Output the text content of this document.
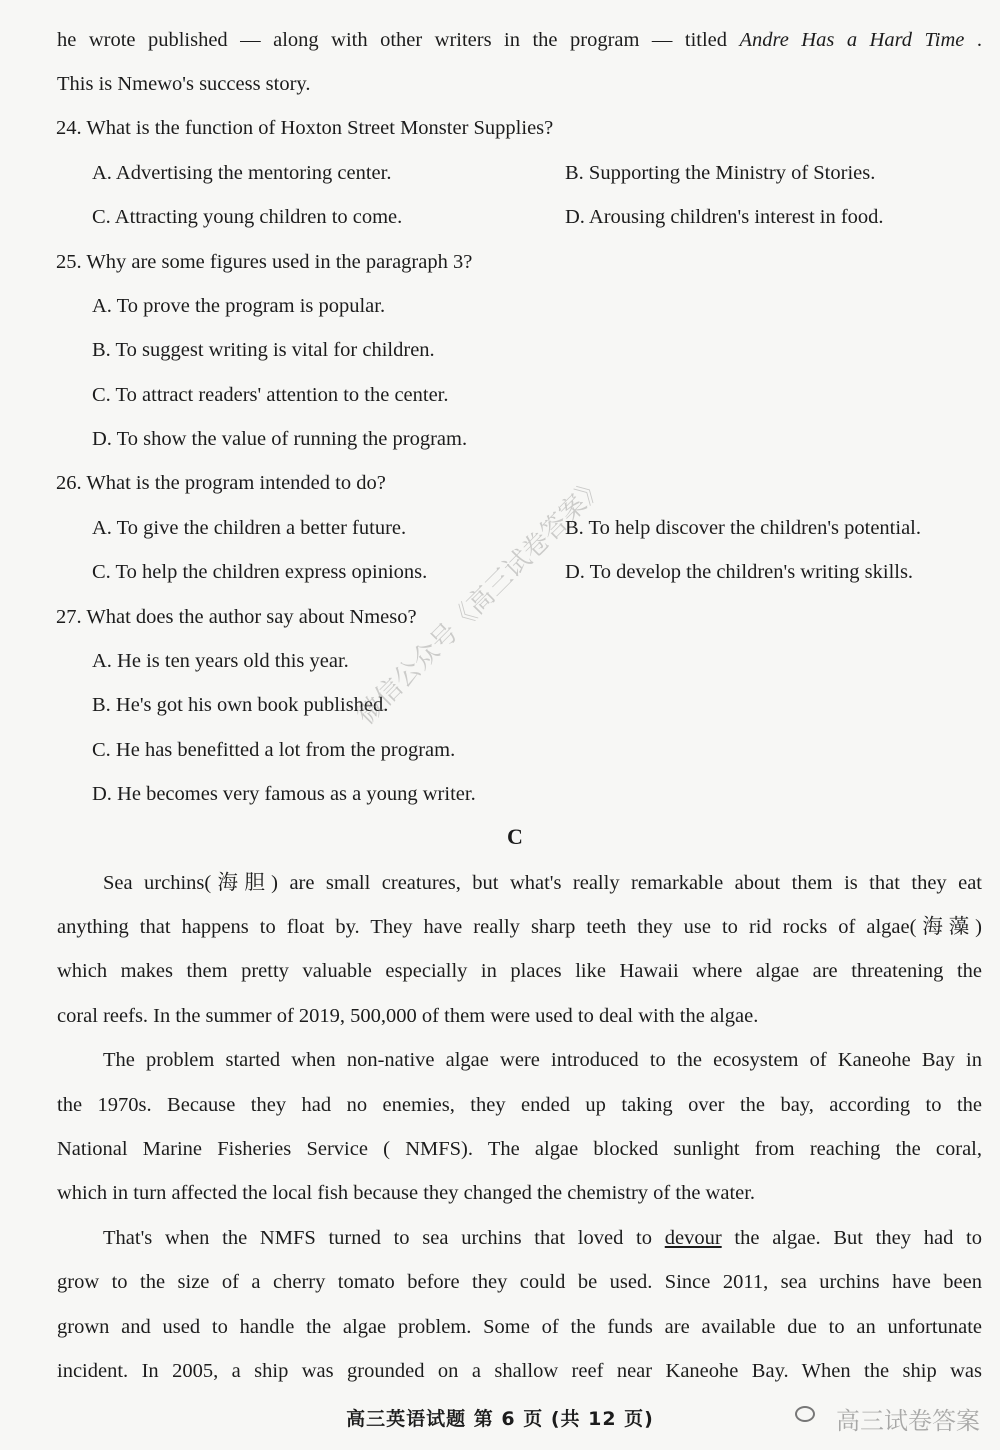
he wrote published — along with other writers in the program — titled Andre Has a Hard Time .
This is Nmewo's success story.
24. What is the function of Hoxton Street Monster Supplies?
A. Advertising the mentoring center.	B. Supporting the Ministry of Stories.
C. Attracting young children to come.	D. Arousing children's interest in food.
25. Why are some figures used in the paragraph 3?
A. To prove the program is popular.
B. To suggest writing is vital for children.
C. To attract readers' attention to the center.
D. To show the value of running the program.
26. What is the program intended to do?
A. To give the children a better future.	B. To help discover the children's potential.
C. To help the children express opinions.	D. To develop the children's writing skills.
27. What does the author say about Nmeso?
A. He is ten years old this year.
B. He's got his own book published.
C. He has benefitted a lot from the program.
D. He becomes very famous as a young writer.
C
Sea urchins(海胆) are small creatures, but what's really remarkable about them is that they eat
anything that happens to float by. They have really sharp teeth they use to rid rocks of algae(海藻)
which makes them pretty valuable especially in places like Hawaii where algae are threatening the
coral reefs. In the summer of 2019, 500,000 of them were used to deal with the algae.
The problem started when non-native algae were introduced to the ecosystem of Kaneohe Bay in
the 1970s. Because they had no enemies, they ended up taking over the bay, according to the
National Marine Fisheries Service ( NMFS). The algae blocked sunlight from reaching the coral,
which in turn affected the local fish because they changed the chemistry of the water.
That's when the NMFS turned to sea urchins that loved to devour the algae. But they had to
grow to the size of a cherry tomato before they could be used. Since 2011, sea urchins have been
grown and used to handle the algae problem. Some of the funds are available due to an unfortunate
incident. In 2005, a ship was grounded on a shallow reef near Kaneohe Bay. When the ship was
高三英语试题 第 6 页 (共 12 页)
微信公众号《高三试卷答案》
高三试卷答案
